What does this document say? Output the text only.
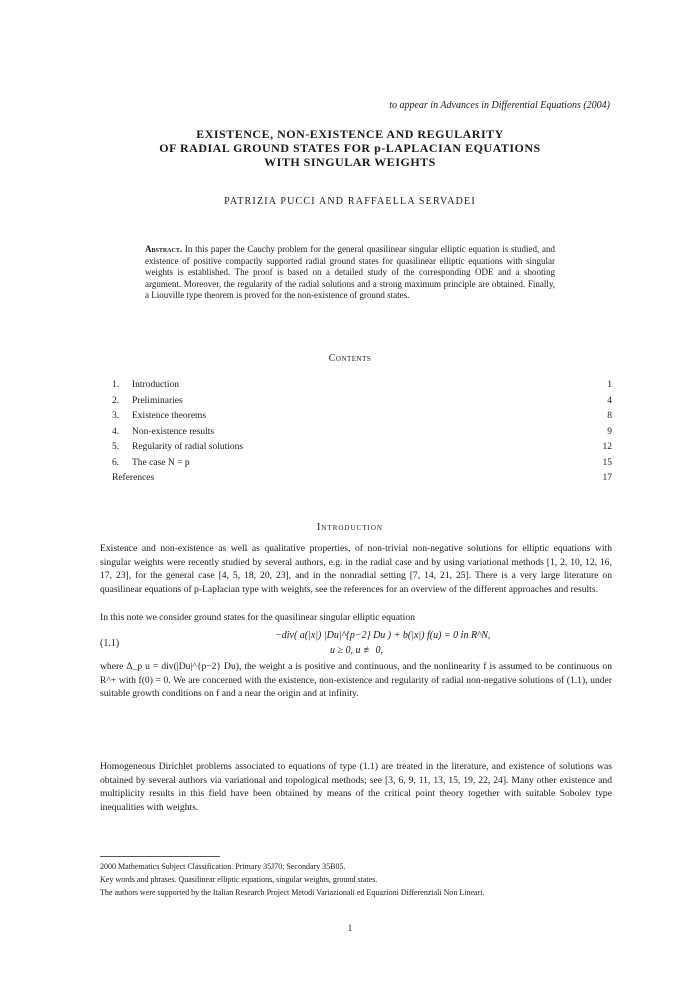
to appear in Advances in Differential Equations (2004)
EXISTENCE, NON-EXISTENCE AND REGULARITY
OF RADIAL GROUND STATES FOR p-LAPLACIAN EQUATIONS
WITH SINGULAR WEIGHTS
PATRIZIA PUCCI AND RAFFAELLA SERVADEI
Abstract. In this paper the Cauchy problem for the general quasilinear singular elliptic equation is studied, and existence of positive compactly supported radial ground states for quasilinear elliptic equations with singular weights is established. The proof is based on a detailed study of the corresponding ODE and a shooting argument. Moreover, the regularity of the radial solutions and a strong maximum principle are obtained. Finally, a Liouville type theorem is proved for the non-existence of ground states.
Contents
1.	Introduction	1
2.	Preliminaries	4
3.	Existence theorems	8
4.	Non-existence results	9
5.	Regularity of radial solutions	12
6.	The case N = p	15
References	17
Introduction
Existence and non-existence as well as qualitative properties, of non-trivial non-negative solutions for elliptic equations with singular weights were recently studied by several authors, e.g. in the radial case and by using variational methods [1, 2, 10, 12, 16, 17, 23], for the general case [4, 5, 18, 20, 23], and in the nonradial setting [7, 14, 21, 25]. There is a very large literature on quasilinear equations of p-Laplacian type with weights, see the references for an overview of the different approaches and results.
In this note we consider ground states for the quasilinear singular elliptic equation
(1.1)
−div( a(|x|) |Du|^{p−2} Du ) + b(|x|) f(u) = 0 in R^N,
u ≥ 0, u ≢ 0,
where Δ_p u = div(|Du|^{p−2} Du), the weight a is positive and continuous, and the nonlinearity f is assumed to be continuous on R^+ with f(0) = 0. We are concerned with the existence, non-existence and regularity of radial non-negative solutions of (1.1), under suitable growth conditions on f and a near the origin and at infinity.
Homogeneous Dirichlet problems associated to equations of type (1.1) are treated in the literature, and existence of solutions was obtained by several authors via variational and topological methods; see [3, 6, 9, 11, 13, 15, 19, 22, 24]. Many other existence and multiplicity results in this field have been obtained by means of the critical point theory together with suitable Sobolev type inequalities with weights.
2000 Mathematics Subject Classification. Primary 35J70; Secondary 35B05.
Key words and phrases. Quasilinear elliptic equations, singular weights, ground states.
The authors were supported by the Italian Research Project Metodi Variazionali ed Equazioni Differenziali Non Lineari.
1
